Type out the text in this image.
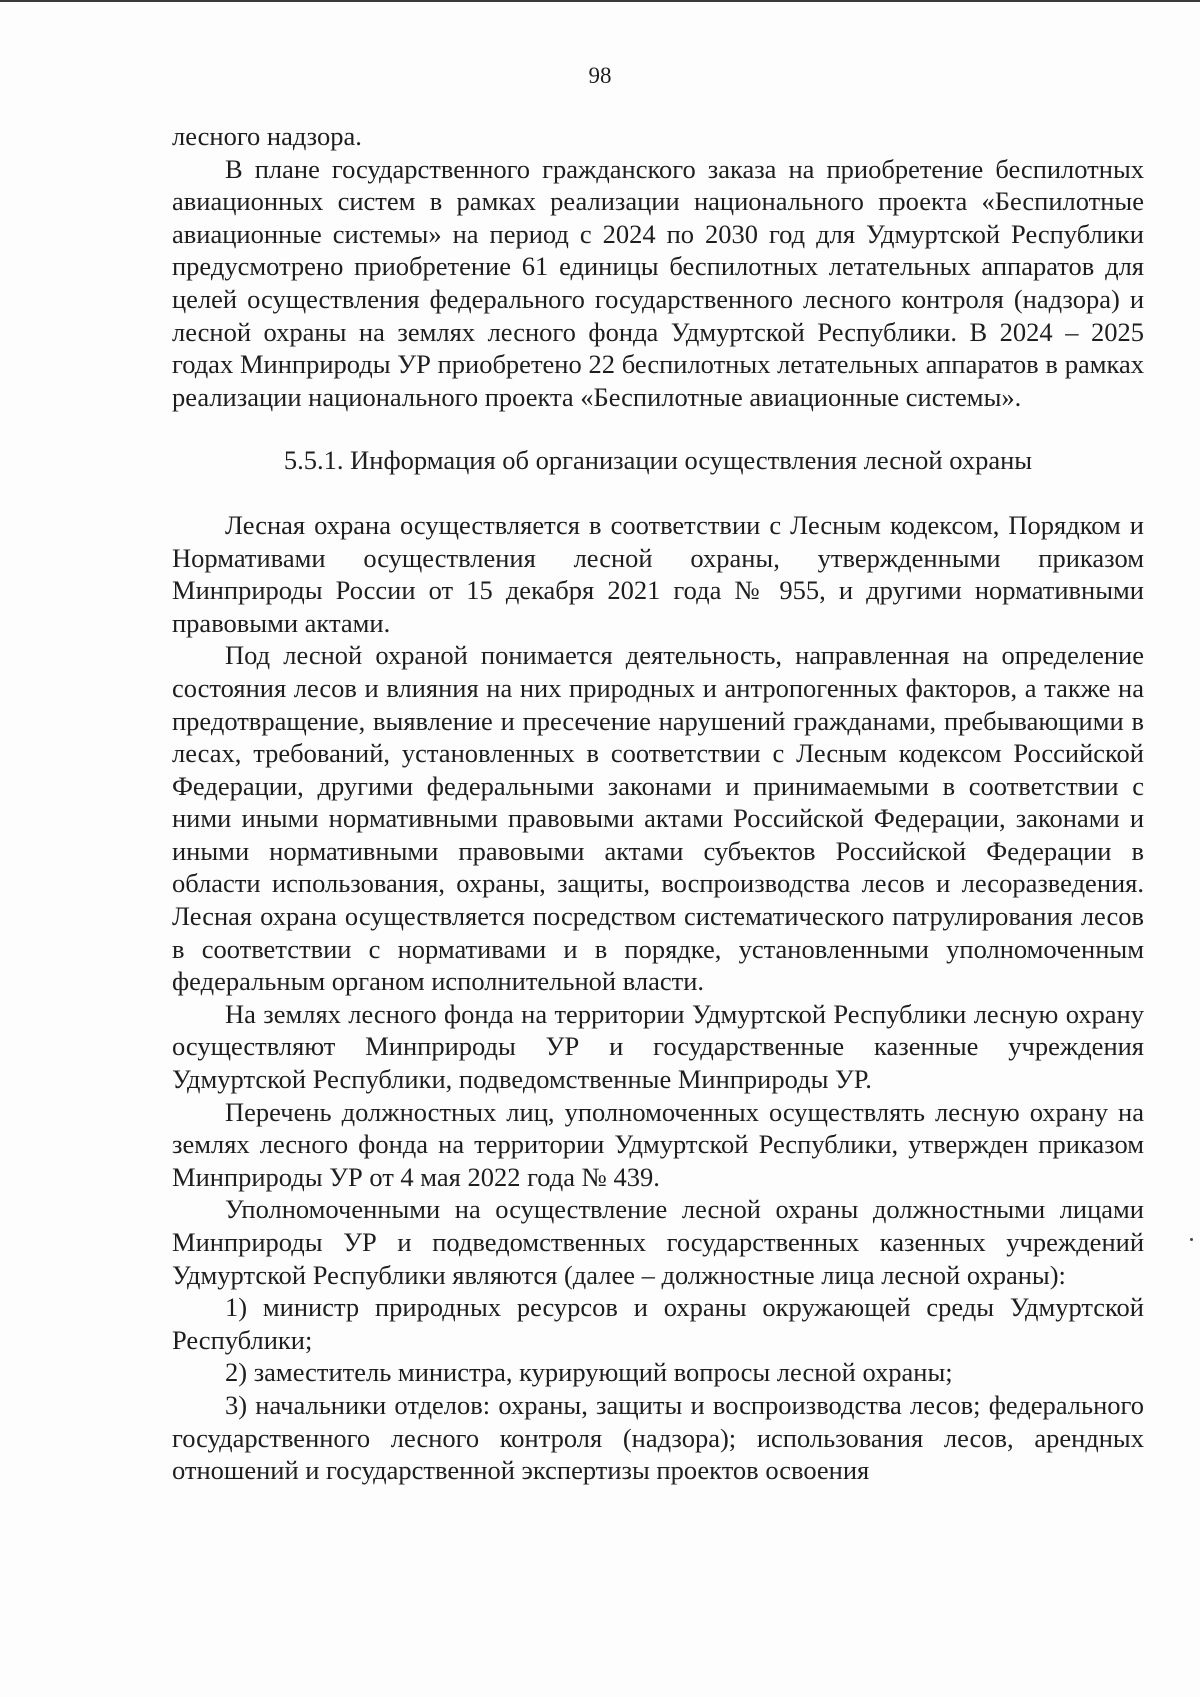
98

лесного надзора.

В плане государственного гражданского заказа на приобретение беспилотных авиационных систем в рамках реализации национального проекта «Беспилотные авиационные системы» на период с 2024 по 2030 год для Удмуртской Республики предусмотрено приобретение 61 единицы беспилотных летательных аппаратов для целей осуществления федерального государственного лесного контроля (надзора) и лесной охраны на землях лесного фонда Удмуртской Республики. В 2024 – 2025 годах Минприроды УР приобретено 22 беспилотных летательных аппаратов в рамках реализации национального проекта «Беспилотные авиационные системы».

5.5.1. Информация об организации осуществления лесной охраны

Лесная охрана осуществляется в соответствии с Лесным кодексом, Порядком и Нормативами осуществления лесной охраны, утвержденными приказом Минприроды России от 15 декабря 2021 года № 955, и другими нормативными правовыми актами.

Под лесной охраной понимается деятельность, направленная на определение состояния лесов и влияния на них природных и антропогенных факторов, а также на предотвращение, выявление и пресечение нарушений гражданами, пребывающими в лесах, требований, установленных в соответствии с Лесным кодексом Российской Федерации, другими федеральными законами и принимаемыми в соответствии с ними иными нормативными правовыми актами Российской Федерации, законами и иными нормативными правовыми актами субъектов Российской Федерации в области использования, охраны, защиты, воспроизводства лесов и лесоразведения. Лесная охрана осуществляется посредством систематического патрулирования лесов в соответствии с нормативами и в порядке, установленными уполномоченным федеральным органом исполнительной власти.

На землях лесного фонда на территории Удмуртской Республики лесную охрану осуществляют Минприроды УР и государственные казенные учреждения Удмуртской Республики, подведомственные Минприроды УР.

Перечень должностных лиц, уполномоченных осуществлять лесную охрану на землях лесного фонда на территории Удмуртской Республики, утвержден приказом Минприроды УР от 4 мая 2022 года № 439.

Уполномоченными на осуществление лесной охраны должностными лицами Минприроды УР и подведомственных государственных казенных учреждений Удмуртской Республики являются (далее – должностные лица лесной охраны):

1) министр природных ресурсов и охраны окружающей среды Удмуртской Республики;

2) заместитель министра, курирующий вопросы лесной охраны;

3) начальники отделов: охраны, защиты и воспроизводства лесов; федерального государственного лесного контроля (надзора); использования лесов, арендных отношений и государственной экспертизы проектов освоения
